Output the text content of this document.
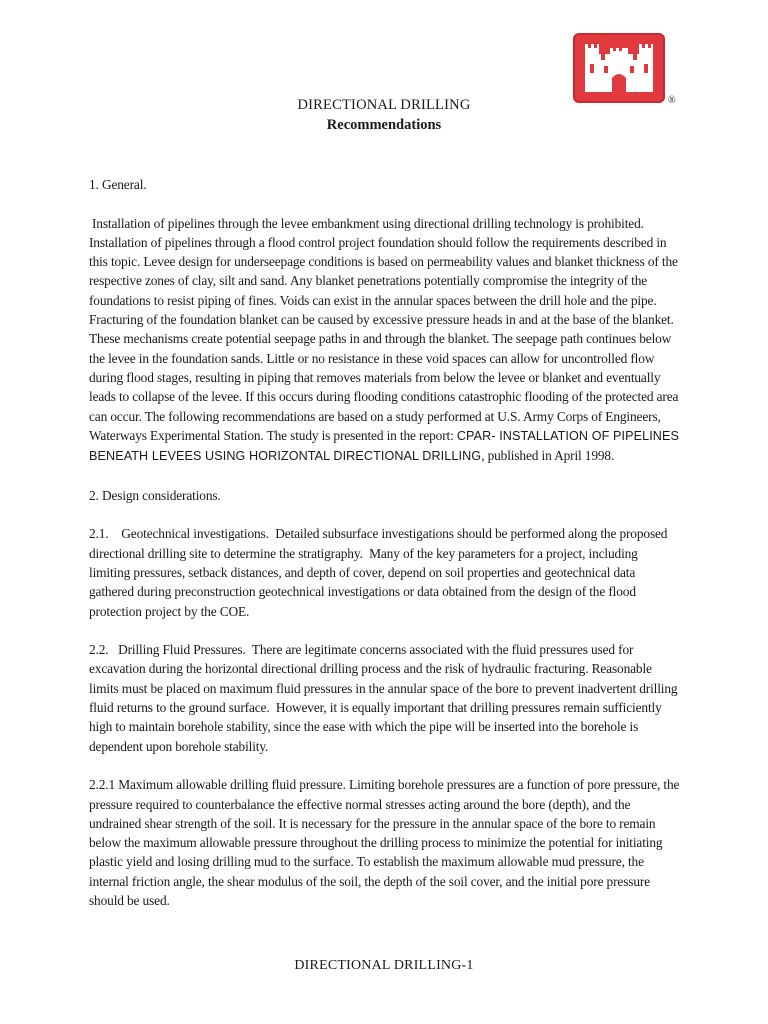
®
DIRECTIONAL DRILLING
Recommendations

1. General.

Installation of pipelines through the levee embankment using directional drilling technology is prohibited. Installation of pipelines through a flood control project foundation should follow the requirements described in this topic. Levee design for underseepage conditions is based on permeability values and blanket thickness of the respective zones of clay, silt and sand. Any blanket penetrations potentially compromise the integrity of the foundations to resist piping of fines. Voids can exist in the annular spaces between the drill hole and the pipe. Fracturing of the foundation blanket can be caused by excessive pressure heads in and at the base of the blanket. These mechanisms create potential seepage paths in and through the blanket. The seepage path continues below the levee in the foundation sands. Little or no resistance in these void spaces can allow for uncontrolled flow during flood stages, resulting in piping that removes materials from below the levee or blanket and eventually leads to collapse of the levee. If this occurs during flooding conditions catastrophic flooding of the protected area can occur. The following recommendations are based on a study performed at U.S. Army Corps of Engineers, Waterways Experimental Station. The study is presented in the report: CPAR- INSTALLATION OF PIPELINES BENEATH LEVEES USING HORIZONTAL DIRECTIONAL DRILLING, published in April 1998.

2. Design considerations.

2.1.    Geotechnical investigations.  Detailed subsurface investigations should be performed along the proposed directional drilling site to determine the stratigraphy.  Many of the key parameters for a project, including limiting pressures, setback distances, and depth of cover, depend on soil properties and geotechnical data gathered during preconstruction geotechnical investigations or data obtained from the design of the flood protection project by the COE.

2.2.   Drilling Fluid Pressures.  There are legitimate concerns associated with the fluid pressures used for excavation during the horizontal directional drilling process and the risk of hydraulic fracturing. Reasonable limits must be placed on maximum fluid pressures in the annular space of the bore to prevent inadvertent drilling fluid returns to the ground surface.  However, it is equally important that drilling pressures remain sufficiently high to maintain borehole stability, since the ease with which the pipe will be inserted into the borehole is dependent upon borehole stability.

2.2.1 Maximum allowable drilling fluid pressure. Limiting borehole pressures are a function of pore pressure, the pressure required to counterbalance the effective normal stresses acting around the bore (depth), and the undrained shear strength of the soil. It is necessary for the pressure in the annular space of the bore to remain below the maximum allowable pressure throughout the drilling process to minimize the potential for initiating plastic yield and losing drilling mud to the surface. To establish the maximum allowable mud pressure, the internal friction angle, the shear modulus of the soil, the depth of the soil cover, and the initial pore pressure should be used.

DIRECTIONAL DRILLING-1
